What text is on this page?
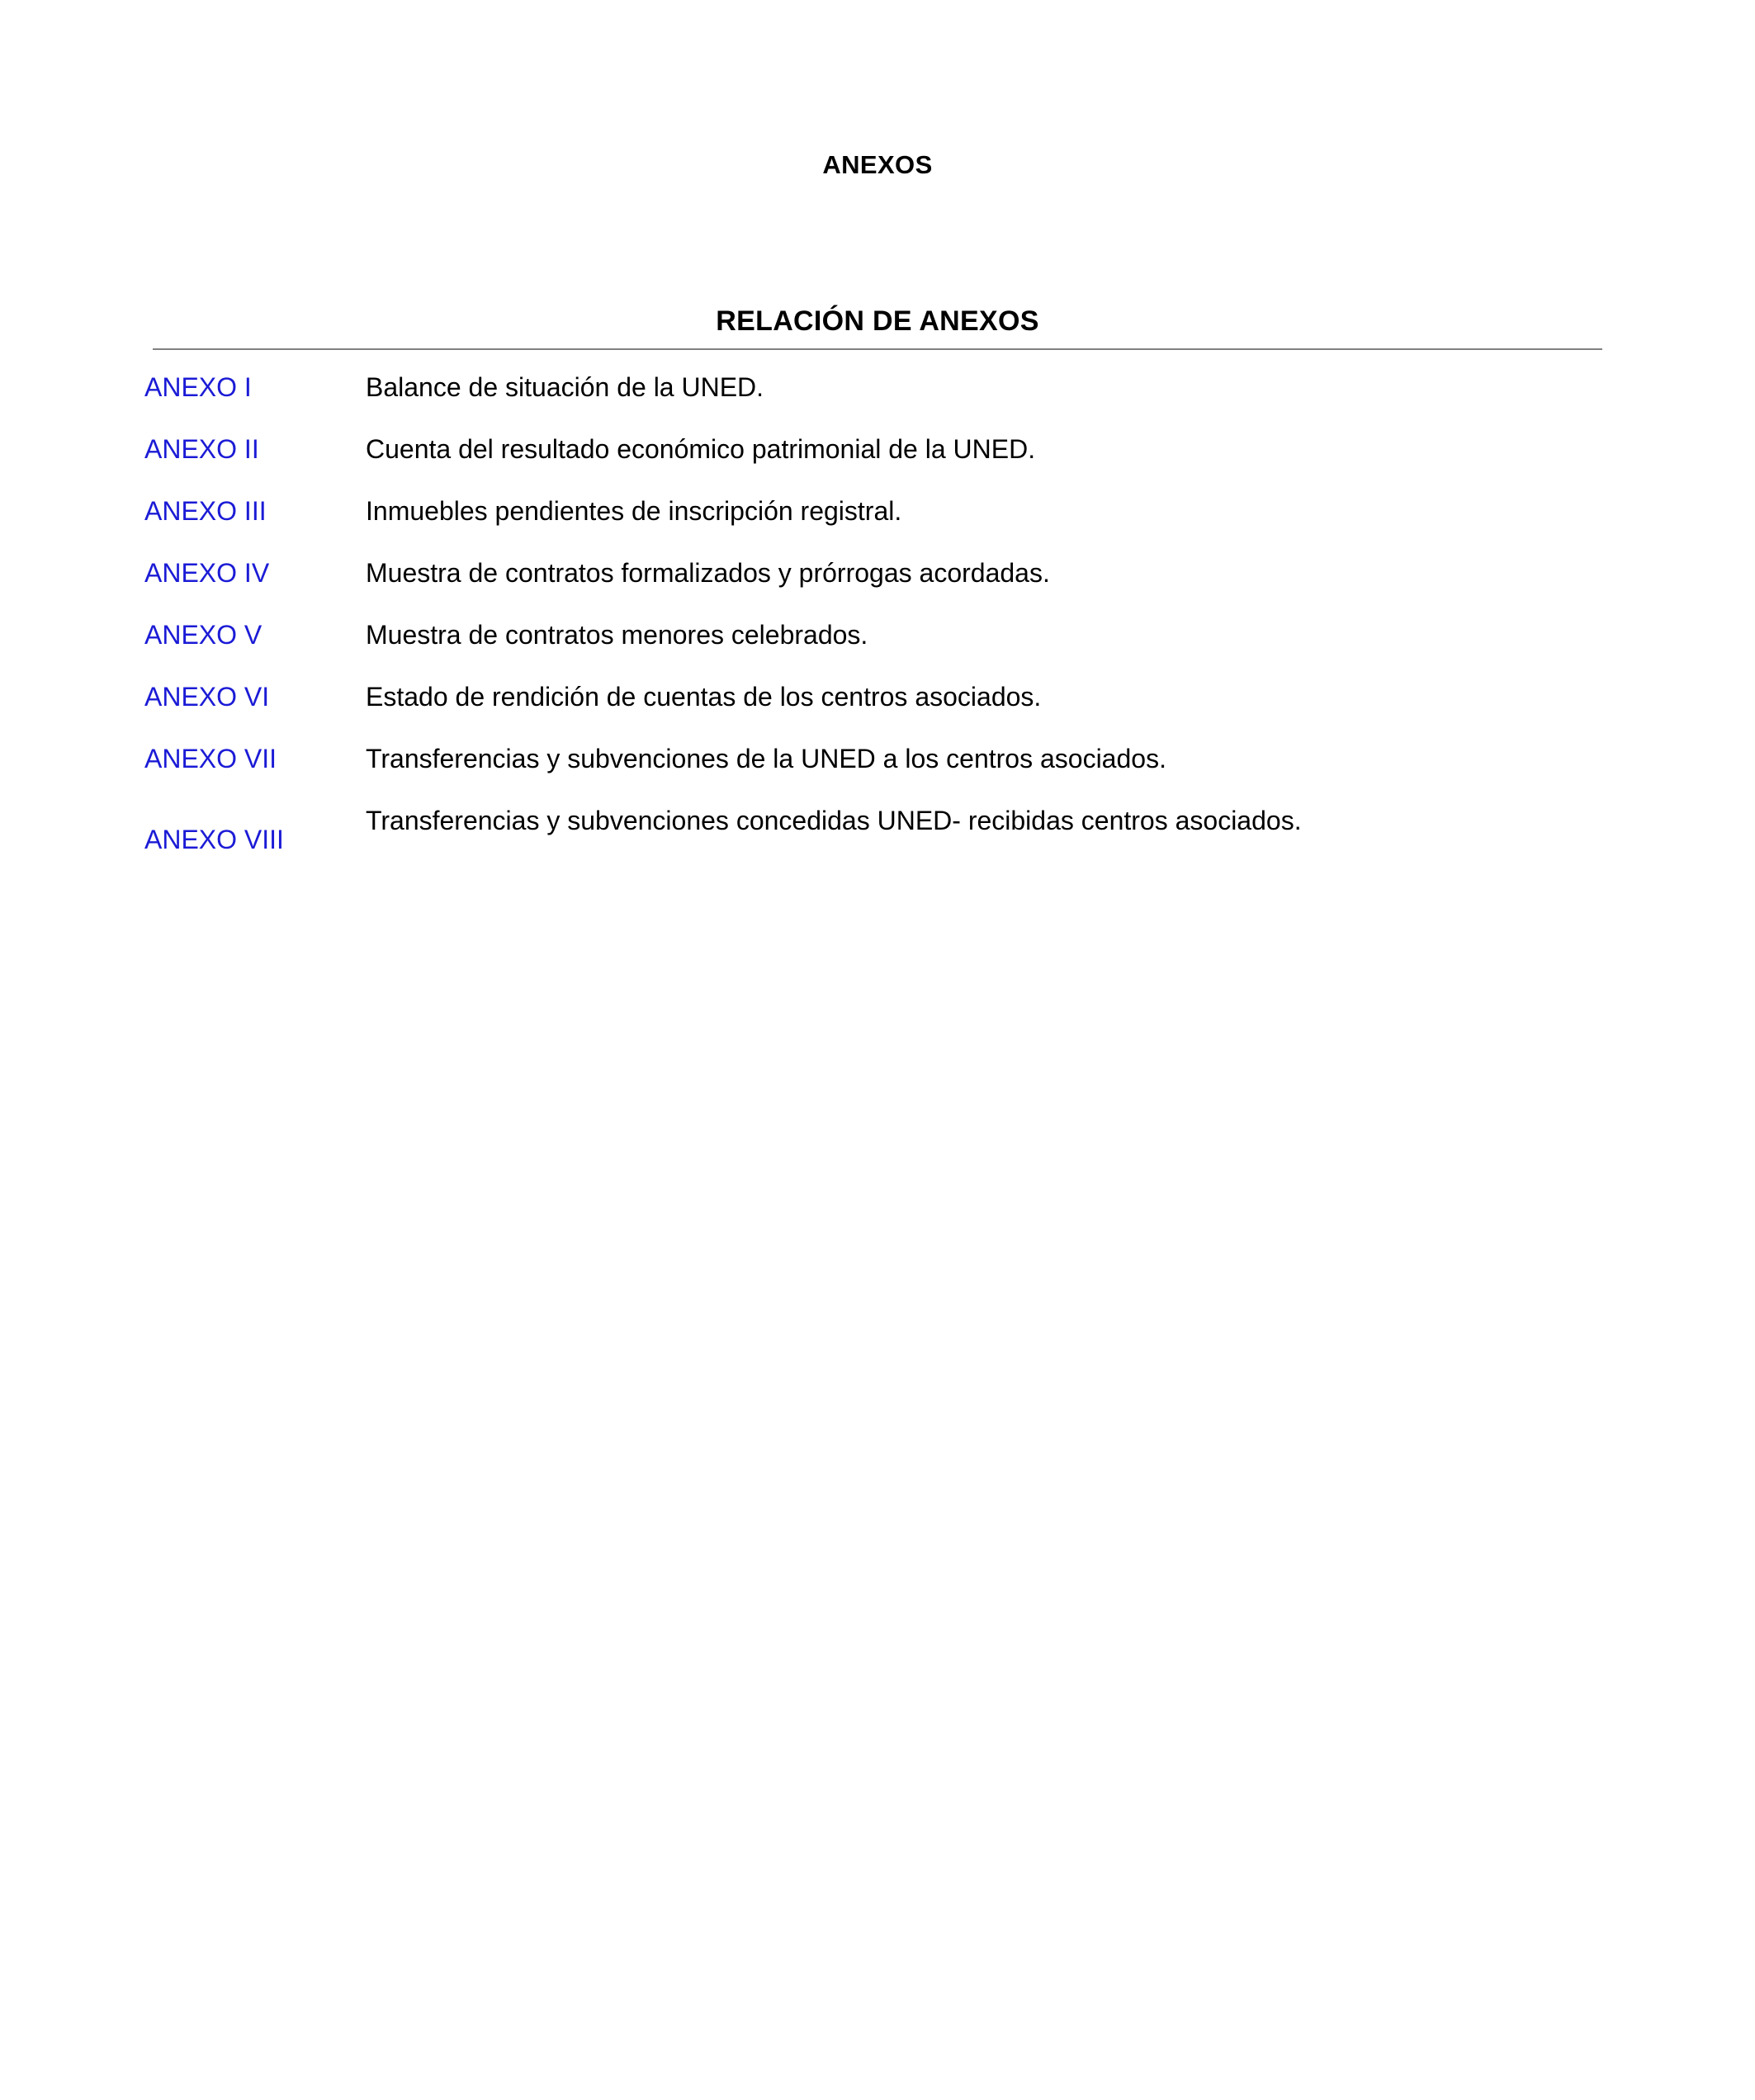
ANEXOS
RELACIÓN DE ANEXOS
ANEXO I	Balance de situación de la UNED.
ANEXO II	Cuenta del resultado económico patrimonial de la UNED.
ANEXO III	Inmuebles pendientes de inscripción registral.
ANEXO IV	Muestra de contratos formalizados y prórrogas acordadas.
ANEXO V	Muestra de contratos menores celebrados.
ANEXO VI	Estado de rendición de cuentas de los centros asociados.
ANEXO VII	Transferencias y subvenciones de la UNED a los centros asociados.
ANEXO VIII	Transferencias y subvenciones concedidas UNED- recibidas centros asociados.
